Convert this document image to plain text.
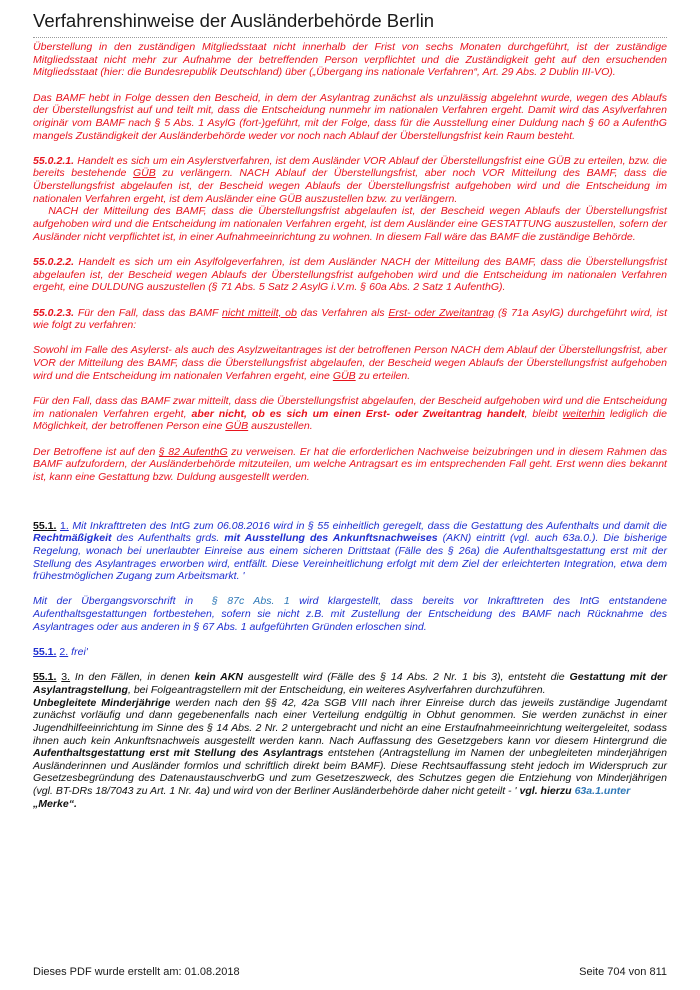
Verfahrenshinweise der Ausländerbehörde Berlin

Überstellung in den zuständigen Mitgliedsstaat nicht innerhalb der Frist von sechs Monaten durchgeführt, ist der zuständige Mitgliedsstaat nicht mehr zur Aufnahme der betreffenden Person verpflichtet und die Zuständigkeit geht auf den ersuchenden Mitgliedsstaat (hier: die Bundesrepublik Deutschland) über („Übergang ins nationale Verfahren“, Art. 29 Abs. 2 Dublin III-VO).

Das BAMF hebt in Folge dessen den Bescheid, in dem der Asylantrag zunächst als unzulässig abgelehnt wurde, wegen des Ablaufs der Überstellungsfrist auf und teilt mit, dass die Entscheidung nunmehr im nationalen Verfahren ergeht. Damit wird das Asylverfahren originär vom BAMF nach § 5 Abs. 1 AsylG (fort-)geführt, mit der Folge, dass für die Ausstellung einer Duldung nach § 60 a AufenthG mangels Zuständigkeit der Ausländerbehörde weder vor noch nach Ablauf der Überstellungsfrist kein Raum besteht.

55.0.2.1. Handelt es sich um ein Asylerstverfahren, ist dem Ausländer VOR Ablauf der Überstellungsfrist eine GÜB zu erteilen, bzw. die bereits bestehende GÜB zu verlängern. NACH Ablauf der Überstellungsfrist, aber noch VOR Mitteilung des BAMF, dass die Überstellungsfrist abgelaufen ist, der Bescheid wegen Ablaufs der Überstellungsfrist aufgehoben wird und die Entscheidung im nationalen Verfahren ergeht, ist dem Ausländer eine GÜB auszustellen bzw. zu verlängern.
NACH der Mitteilung des BAMF, dass die Überstellungsfrist abgelaufen ist, der Bescheid wegen Ablaufs der Überstellungsfrist aufgehoben wird und die Entscheidung im nationalen Verfahren ergeht, ist dem Ausländer eine GESTATTUNG auszustellen, sofern der Ausländer nicht verpflichtet ist, in einer Aufnahmeeinrichtung zu wohnen. In diesem Fall wäre das BAMF die zuständige Behörde.

55.0.2.2. Handelt es sich um ein Asylfolgeverfahren, ist dem Ausländer NACH der Mitteilung des BAMF, dass die Überstellungsfrist abgelaufen ist, der Bescheid wegen Ablaufs der Überstellungsfrist aufgehoben wird und die Entscheidung im nationalen Verfahren ergeht, eine DULDUNG auszustellen (§ 71 Abs. 5 Satz 2 AsylG i.V.m. § 60a Abs. 2 Satz 1 AufenthG).

55.0.2.3. Für den Fall, dass das BAMF nicht mitteilt, ob das Verfahren als Erst- oder Zweitantrag (§ 71a AsylG) durchgeführt wird, ist wie folgt zu verfahren:

Sowohl im Falle des Asylerst- als auch des Asylzweitantrages ist der betroffenen Person NACH dem Ablauf der Überstellungsfrist, aber VOR der Mitteilung des BAMF, dass die Überstellungsfrist abgelaufen, der Bescheid wegen Ablaufs der Überstellungsfrist aufgehoben wird und die Entscheidung im nationalen Verfahren ergeht, eine GÜB zu erteilen.

Für den Fall, dass das BAMF zwar mitteilt, dass die Überstellungsfrist abgelaufen, der Bescheid aufgehoben wird und die Entscheidung im nationalen Verfahren ergeht, aber nicht, ob es sich um einen Erst- oder Zweitantrag handelt, bleibt weiterhin lediglich die Möglichkeit, der betroffenen Person eine GÜB auszustellen.

Der Betroffene ist auf den § 82 AufenthG zu verweisen. Er hat die erforderlichen Nachweise beizubringen und in diesem Rahmen das BAMF aufzufordern, der Ausländerbehörde mitzuteilen, um welche Antragsart es im entsprechenden Fall geht. Erst wenn dies bekannt ist, kann eine Gestattung bzw. Duldung ausgestellt werden.

55.1. 1. Mit Inkrafttreten des IntG zum 06.08.2016 wird in § 55 einheitlich geregelt, dass die Gestattung des Aufenthalts und damit die Rechtmäßigkeit des Aufenthalts grds. mit Ausstellung des Ankunftsnachweises (AKN) eintritt (vgl. auch 63a.0.). Die bisherige Regelung, wonach bei unerlaubter Einreise aus einem sicheren Drittstaat (Fälle des § 26a) die Aufenthaltsgestattung erst mit der Stellung des Asylantrages erworben wird, entfällt. Diese Vereinheitlichung erfolgt mit dem Ziel der erleichterten Integration, etwa dem frühestmöglichen Zugang zum Arbeitsmarkt. '

Mit der Übergangsvorschrift in § 87c Abs. 1 wird klargestellt, dass bereits vor Inkrafttreten des IntG entstandene Aufenthaltsgestattungen fortbestehen, sofern sie nicht z.B. mit Zustellung der Entscheidung des BAMF nach Rücknahme des Asylantrages oder aus anderen in § 67 Abs. 1 aufgeführten Gründen erloschen sind.

55.1. 2. frei'

55.1. 3. In den Fällen, in denen kein AKN ausgestellt wird (Fälle des § 14 Abs. 2 Nr. 1 bis 3), entsteht die Gestattung mit der Asylantragstellung, bei Folgeantragstellern mit der Entscheidung, ein weiteres Asylverfahren durchzuführen.

Unbegleitete Minderjährige werden nach den §§ 42, 42a SGB VIII nach ihrer Einreise durch das jeweils zuständige Jugendamt zunächst vorläufig und dann gegebenenfalls nach einer Verteilung endgültig in Obhut genommen. Sie werden zunächst in einer Jugendhilfeeinrichtung im Sinne des § 14 Abs. 2 Nr. 2 untergebracht und nicht an eine Erstaufnahmeeinrichtung weitergeleitet, sodass ihnen auch kein Ankunftsnachweis ausgestellt werden kann. Nach Auffassung des Gesetzgebers kann vor diesem Hintergrund die Aufenthaltsgestattung erst mit Stellung des Asylantrags entstehen (Antragstellung im Namen der unbegleiteten minderjährigen Ausländerinnen und Ausländer formlos und schriftlich direkt beim BAMF). Diese Rechtsauffassung steht jedoch im Widerspruch zur Gesetzesbegründung des DatenaustauschverbG und zum Gesetzeszweck, des Schutzes gegen die Entziehung von Minderjährigen (vgl. BT-DRs 18/7043 zu Art. 1 Nr. 4a) und wird von der Berliner Ausländerbehörde daher nicht geteilt - ' vgl. hierzu 63a.1.unter
„Merke“.

Dieses PDF wurde erstellt am: 01.08.2018	Seite 704 von 811
